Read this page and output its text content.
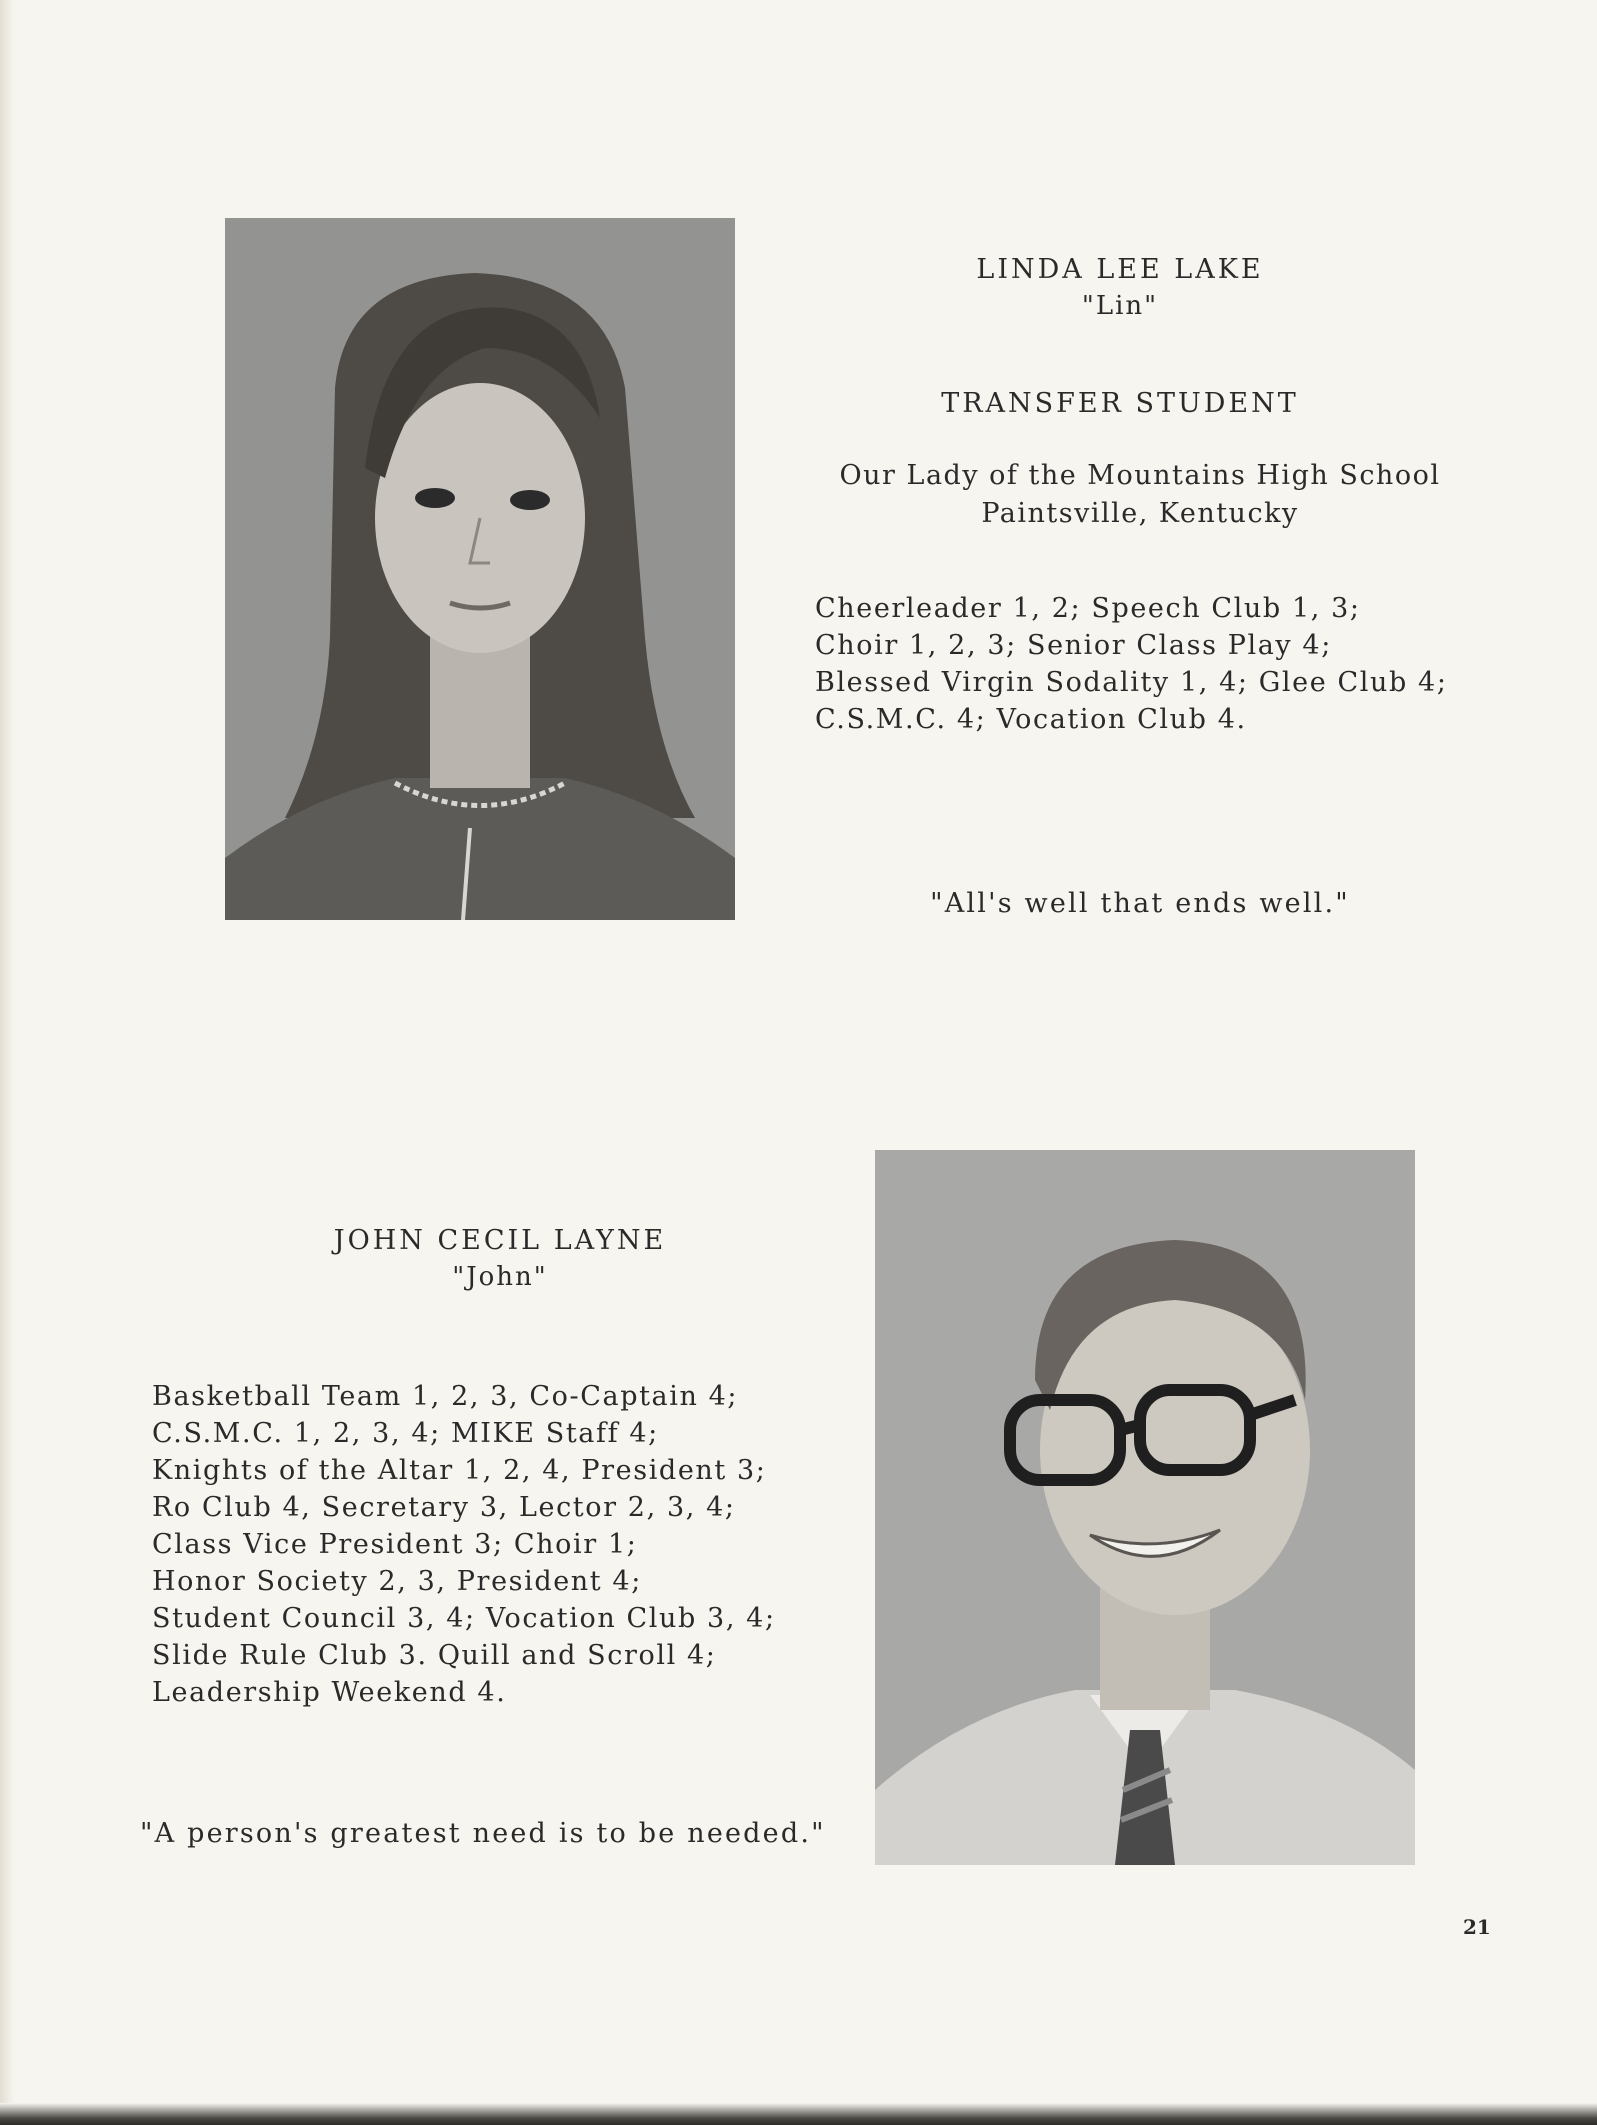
LINDA LEE LAKE
"Lin"
TRANSFER STUDENT
Our Lady of the Mountains High School
Paintsville, Kentucky
Cheerleader 1, 2; Speech Club 1, 3;
Choir 1, 2, 3; Senior Class Play 4;
Blessed Virgin Sodality 1, 4; Glee Club 4;
C.S.M.C. 4; Vocation Club 4.
"All's well that ends well."
JOHN CECIL LAYNE
"John"
Basketball Team 1, 2, 3, Co-Captain 4;
C.S.M.C. 1, 2, 3, 4; MIKE Staff 4;
Knights of the Altar 1, 2, 4, President 3;
Ro Club 4, Secretary 3, Lector 2, 3, 4;
Class Vice President 3; Choir 1;
Honor Society 2, 3, President 4;
Student Council 3, 4; Vocation Club 3, 4;
Slide Rule Club 3. Quill and Scroll 4;
Leadership Weekend 4.
"A person's greatest need is to be needed."
21
